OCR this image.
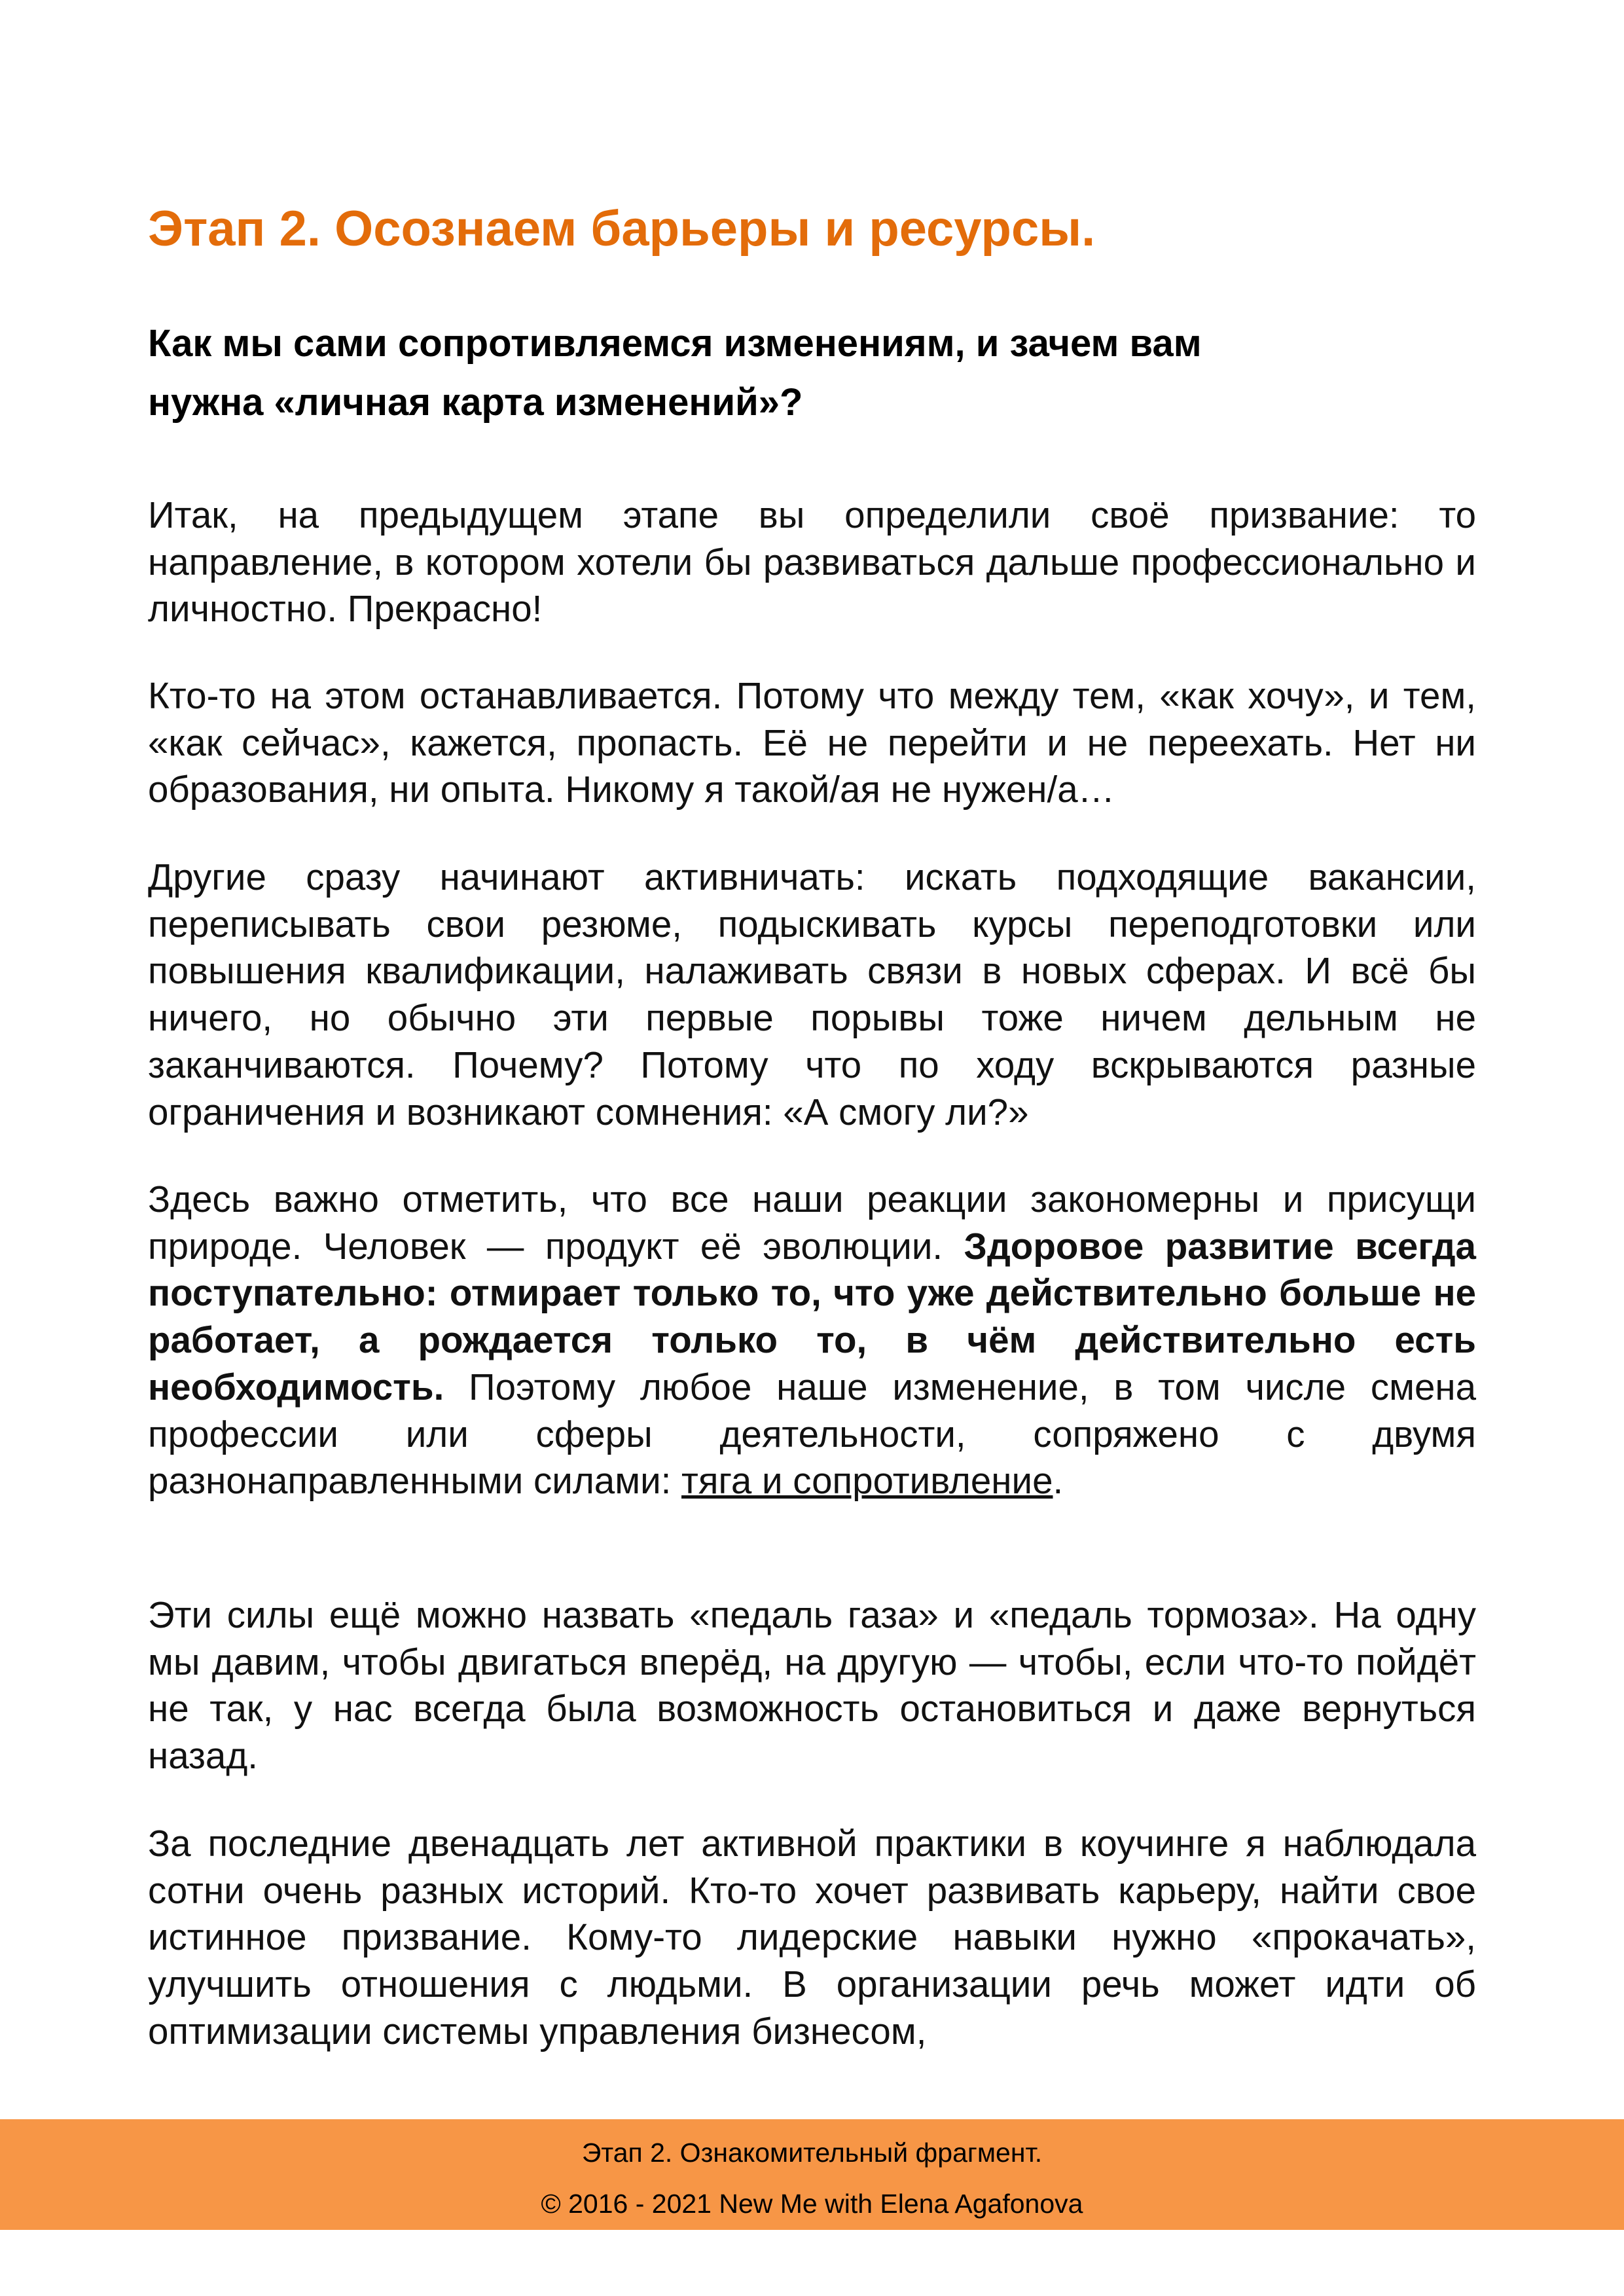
Этап 2. Осознаем барьеры и ресурсы.
Как мы сами сопротивляемся изменениям, и зачем вам
нужна «личная карта изменений»?
Итак, на предыдущем этапе вы определили своё призвание: то направление, в котором хотели бы развиваться дальше профессионально и личностно. Прекрасно!
Кто-то на этом останавливается. Потому что между тем, «как хочу», и тем, «как сейчас», кажется, пропасть. Её не перейти и не переехать. Нет ни образования, ни опыта. Никому я такой/ая не нужен/а…
Другие сразу начинают активничать: искать подходящие вакансии, переписывать свои резюме, подыскивать курсы переподготовки или повышения квалификации, налаживать связи в новых сферах. И всё бы ничего, но обычно эти первые порывы тоже ничем дельным не заканчиваются. Почему? Потому что по ходу вскрываются разные ограничения и возникают сомнения: «А смогу ли?»
Здесь важно отметить, что все наши реакции закономерны и присущи природе. Человек — продукт её эволюции. Здоровое развитие всегда поступательно: отмирает только то, что уже действительно больше не работает, а рождается только то, в чём действительно есть необходимость. Поэтому любое наше изменение, в том числе смена профессии или сферы деятельности, сопряжено с двумя разнонаправленными силами: тяга и сопротивление.
Эти силы ещё можно назвать «педаль газа» и «педаль тормоза». На одну мы давим, чтобы двигаться вперёд, на другую — чтобы, если что-то пойдёт не так, у нас всегда была возможность остановиться и даже вернуться назад.
За последние двенадцать лет активной практики в коучинге я наблюдала сотни очень разных историй. Кто-то хочет развивать карьеру, найти свое истинное призвание. Кому-то лидерские навыки нужно «прокачать», улучшить отношения с людьми. В организации речь может идти об оптимизации системы управления бизнесом,
Этап 2. Ознакомительный фрагмент.
© 2016 - 2021 New Me with Elena Agafonova
